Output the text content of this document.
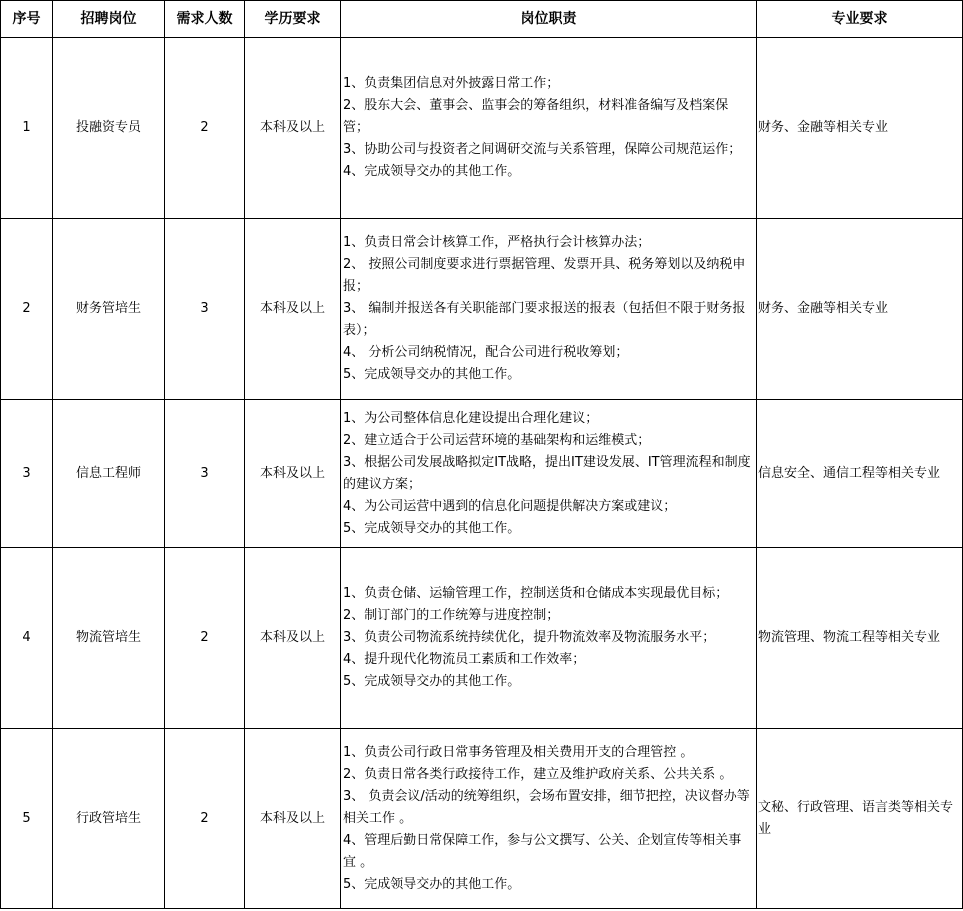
序号	招聘岗位	需求人数	学历要求	岗位职责	专业要求
1	投融资专员	2	本科及以上	1、负责集团信息对外披露日常工作；
2、股东大会、董事会、监事会的筹备组织，材料准备编写及档案保管；
3、协助公司与投资者之间调研交流与关系管理，保障公司规范运作；
4、完成领导交办的其他工作。	财务、金融等相关专业
2	财务管培生	3	本科及以上	1、负责日常会计核算工作，严格执行会计核算办法；
2、 按照公司制度要求进行票据管理、发票开具、税务筹划以及纳税申报；
3、 编制并报送各有关职能部门要求报送的报表（包括但不限于财务报表）；
4、 分析公司纳税情况，配合公司进行税收筹划；
5、完成领导交办的其他工作。	财务、金融等相关专业
3	信息工程师	3	本科及以上	1、为公司整体信息化建设提出合理化建议；
2、建立适合于公司运营环境的基础架构和运维模式；
3、根据公司发展战略拟定IT战略，提出IT建设发展、IT管理流程和制度的建议方案；
4、为公司运营中遇到的信息化问题提供解决方案或建议；
5、完成领导交办的其他工作。	信息安全、通信工程等相关专业
4	物流管培生	2	本科及以上	1、负责仓储、运输管理工作，控制送货和仓储成本实现最优目标；
2、制订部门的工作统筹与进度控制；
3、负责公司物流系统持续优化，提升物流效率及物流服务水平；
4、提升现代化物流员工素质和工作效率；
5、完成领导交办的其他工作。	物流管理、物流工程等相关专业
5	行政管培生	2	本科及以上	1、负责公司行政日常事务管理及相关费用开支的合理管控 。
2、负责日常各类行政接待工作，建立及维护政府关系、公共关系 。
3、 负责会议/活动的统筹组织，会场布置安排，细节把控，决议督办等相关工作 。
4、管理后勤日常保障工作，参与公文撰写、公关、企划宣传等相关事宜 。
5、完成领导交办的其他工作。	文秘、行政管理、语言类等相关专业
